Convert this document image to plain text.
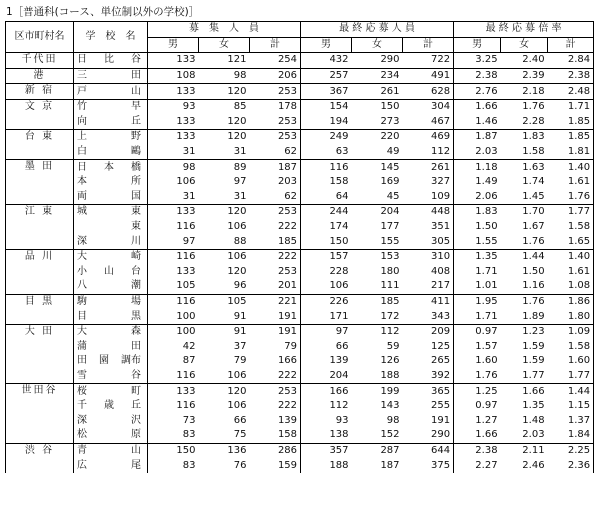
1［普通科(コース、単位制以外の学校)］
区市町村名	学　校　名	募　集　人　員			最 終 応 募 人 員			最 終 応 募 倍 率		
		男	女	計	男	女	計	男	女	計
千代田	日 比 谷	133	121	254	432	290	722	3.25	2.40	2.84
港	三 田	108	98	206	257	234	491	2.38	2.39	2.38
新 宿	戸 山	133	120	253	367	261	628	2.76	2.18	2.48
文 京	竹 早	93	85	178	154	150	304	1.66	1.76	1.71

	向 丘	133	120	253	194	273	467	1.46	2.28	1.85
台 東	上 野	133	120	253	249	220	469	1.87	1.83	1.85

	白 鷗	31	31	62	63	49	112	2.03	1.58	1.81
墨 田	日 本 橋	98	89	187	116	145	261	1.18	1.63	1.40

	本 所	106	97	203	158	169	327	1.49	1.74	1.61

	両 国	31	31	62	64	45	109	2.06	1.45	1.76
江 東	城 東	133	120	253	244	204	448	1.83	1.70	1.77

	東	116	106	222	174	177	351	1.50	1.67	1.58

	深 川	97	88	185	150	155	305	1.55	1.76	1.65
品 川	大 崎	116	106	222	157	153	310	1.35	1.44	1.40

	小 山 台	133	120	253	228	180	408	1.71	1.50	1.61

	八 潮	105	96	201	106	111	217	1.01	1.16	1.08
目 黒	駒 場	116	105	221	226	185	411	1.95	1.76	1.86

	目 黒	100	91	191	171	172	343	1.71	1.89	1.80
大 田	大 森	100	91	191	97	112	209	0.97	1.23	1.09

	蒲 田	42	37	79	66	59	125	1.57	1.59	1.58

	田 園 調布	87	79	166	139	126	265	1.60	1.59	1.60

	雪 谷	116	106	222	204	188	392	1.76	1.77	1.77
世田谷	桜 町	133	120	253	166	199	365	1.25	1.66	1.44

	千 歳 丘	116	106	222	112	143	255	0.97	1.35	1.15

	深 沢	73	66	139	93	98	191	1.27	1.48	1.37

	松 原	83	75	158	138	152	290	1.66	2.03	1.84
渋 谷	青 山	150	136	286	357	287	644	2.38	2.11	2.25

	広 尾	83	76	159	188	187	375	2.27	2.46	2.36
